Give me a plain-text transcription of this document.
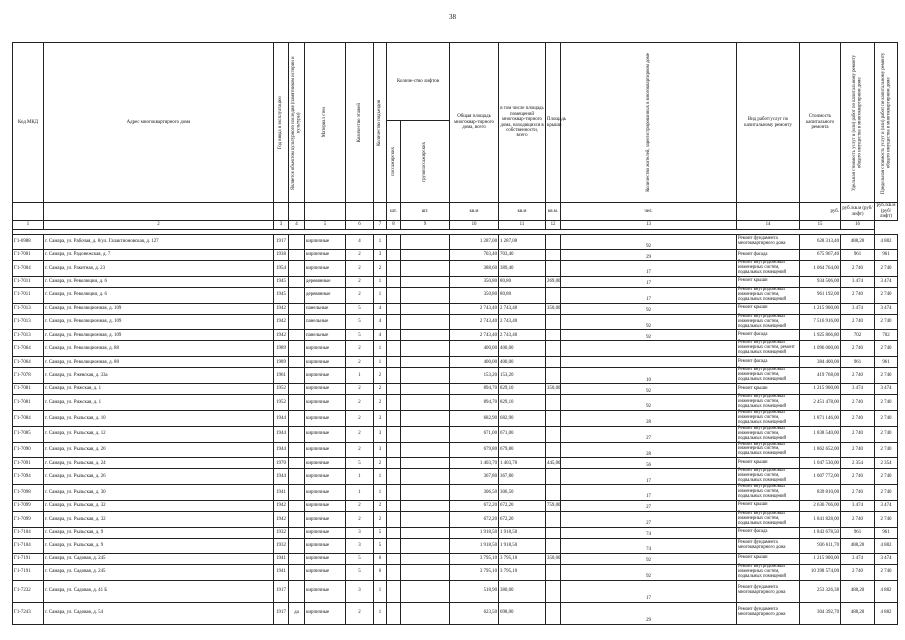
38
Код МКД	Адрес многоквартирного дома	Год ввода в эксплуатацию	Является объектом культурного наследия (памятником истории и культуры)	Материал стен	Количество этажей	Количество подъездов	Количе-ство лифтов		Общая площадь многоквар-тирного дома, всего	в том числе площадь помещений многоквар-тирного дома, находящихся в собственности, всего	Площадь крыши	Количество жителей, зарегистрированных в многоквартирном доме	Вид работ/услуг по капитальному ремонту	Стоимость капитального ремонта	Удельная стоимость услуг и (или) работ по капитальному ремонту общего имущества в многоквартирном доме	Предельная стоимость услуг и (или) работ по капитальному ремонту общего имущества в многоквартирном доме

							пассажирских	грузопассажирских								

							шт.	шт.	кв.м	кв.м	кв.м.	чел.		руб.	руб./кв.м (руб/лифт)	руб./кв.м (руб/лифт)
1	2	3	4	5	6	7	8	9	10	11	12	13	14	15	16	

Г1-6988	г. Самара, ул. Рабочая, д. 8/ул. Галактионовская, д. 127	1917		кирпичные	4	1			1 287,00	1 287,00		92	Ремонт фундамента многоквартирного дома	628 313,40	488,20	4 882
Г1-7001	г. Самара, ул. Радонежская, д. 7	1938		кирпичные	2	3			703,40	703,40		29	Ремонт фасада	675 967,40	961	961
Г1-7004	г. Самара, ул. Ракитная, д. 23	1954		кирпичные	2	2			388,60	389,40		17	Ремонт внутридомовых инженерных систем, подвальных помещений	1 064 764,00	2 740	2 740
Г1-7011	г. Самара, ул. Революции, д. 6	1945		деревянные	2	1			350,80	80,80	269,00	17	Ремонт крыши	934 506,00	3 474	3 474
Г1-7011	г. Самара, ул. Революции, д. 6	1945		деревянные	2	1			350,80	80,80		17	Ремонт внутридомовых инженерных систем, подвальных помещений	961 192,00	2 740	2 740
Г1-7013	г. Самара, ул. Революционная, д. 109	1942		панельные	5	4			2 743,40	2 743,40	350,00	92	Ремонт крыши	1 215 900,00	3 474	3 474
Г1-7013	г. Самара, ул. Революционная, д. 109	1942		панельные	5	4			2 743,40	2 743,40		92	Ремонт внутридомовых инженерных систем, подвальных помещений	7 516 916,00	2 740	2 740
Г1-7013	г. Самара, ул. Революционная, д. 109	1942		панельные	5	4			2 743,40	2 743,40		92	Ремонт фасада	1 925 866,80	702	702
Г1-7064	г. Самара, ул. Революционная, д. 88	1989		кирпичные	2	1			400,00	400,00			Ремонт внутридомовых инженерных систем, ремонт подвальных помещений	1 096 000,00	2 740	2 740
Г1-7064	г. Самара, ул. Революционная, д. 88	1989		кирпичные	2	1			400,00	400,00			Ремонт фасада	384 400,00	961	961
Г1-7078	г. Самара, ул. Ржевская, д. 33а	1961		кирпичные	1	2			153,20	153,20		10	Ремонт внутридомовых инженерных систем, подвальных помещений	419 768,00	2 740	2 740
Г1-7081	г. Самара, ул. Рижская, д. 1	1952		кирпичные	2	2			894,70	829,10	350,00	92	Ремонт крыши	1 215 900,00	3 474	3 474
Г1-7081	г. Самара, ул. Рижская, д. 1	1952		кирпичные	2	2			894,70	829,10		92	Ремонт внутридомовых инженерных систем, подвальных помещений	2 451 478,00	2 740	2 740
Г1-7084	г. Самара, ул. Рыльская, д. 10	1944		кирпичные	2	3			682,90	682,90		28	Ремонт внутридомовых инженерных систем, подвальных помещений	1 871 146,00	2 740	2 740
Г1-7085	г. Самара, ул. Рыльская, д. 12	1944		кирпичные	2	3			671,00	671,00		27	Ремонт внутридомовых инженерных систем, подвальных помещений	1 838 540,00	2 740	2 740
Г1-7090	г. Самара, ул. Рыльская, д. 20	1944		кирпичные	2	3			679,80	679,80		28	Ремонт внутридомовых инженерных систем, подвальных помещений	1 862 652,00	2 740	2 740
Г1-7091	г. Самара, ул. Рыльская, д. 24	1970		кирпичные	5	2			1 403,70	1 403,70	445,00	56	Ремонт крыши	1 047 530,00	2 354	2 354
Г1-7094	г. Самара, ул. Рыльская, д. 26	1944		кирпичные	1	1			367,80	367,80		17	Ремонт внутридомовых инженерных систем, подвальных помещений	1 007 772,00	2 740	2 740
Г1-7098	г. Самара, ул. Рыльская, д. 30	1941		кирпичные	1	1			306,50	306,50		17	Ремонт внутридомовых инженерных систем, подвальных помещений	839 810,00	2 740	2 740
Г1-7099	г. Самара, ул. Рыльская, д. 32	1942		кирпичные	2	2			672,20	672,20	759,00	27	Ремонт крыши	2 636 766,00	3 474	3 474
Г1-7099	г. Самара, ул. Рыльская, д. 32	1942		кирпичные	2	2			672,20	672,20		27	Ремонт внутридомовых инженерных систем, подвальных помещений	1 841 828,00	2 740	2 740
Г1-7104	г. Самара, ул. Рыльская, д. 9	1932		кирпичные	3	5			1 918,50	1 918,50		74	Ремонт фасада	1 843 678,50	961	961
Г1-7104	г. Самара, ул. Рыльская, д. 9	1932		кирпичные	3	5			1 918,50	1 918,50		74	Ремонт фундамента многоквартирного дома	936 611,70	488,20	4 882
Г1-7191	г. Самара, ул. Садовая, д. 245	1941		кирпичные	5	6			3 795,10	3 795,10	350,00	92	Ремонт крыши	1 215 900,00	3 474	3 474
Г1-7191	г. Самара, ул. Садовая, д. 245	1941		кирпичные	5	6			3 795,10	3 795,10		92	Ремонт внутридомовых инженерных систем, подвальных помещений	10 398 574,00	2 740	2 740
Г1-7232	г. Самара, ул. Садовая, д. 41 Б	1917		кирпичные	3	1			518,90	380,00		17	Ремонт фундамента многоквартирного дома	253 326,38	488,20	4 882
Г1-7243	г. Самара, ул. Садовая, д. 54	1917	да	кирпичные	2	1			623,50	698,00		29	Ремонт фундамента многоквартирного дома	304 392,70	488,20	4 882
